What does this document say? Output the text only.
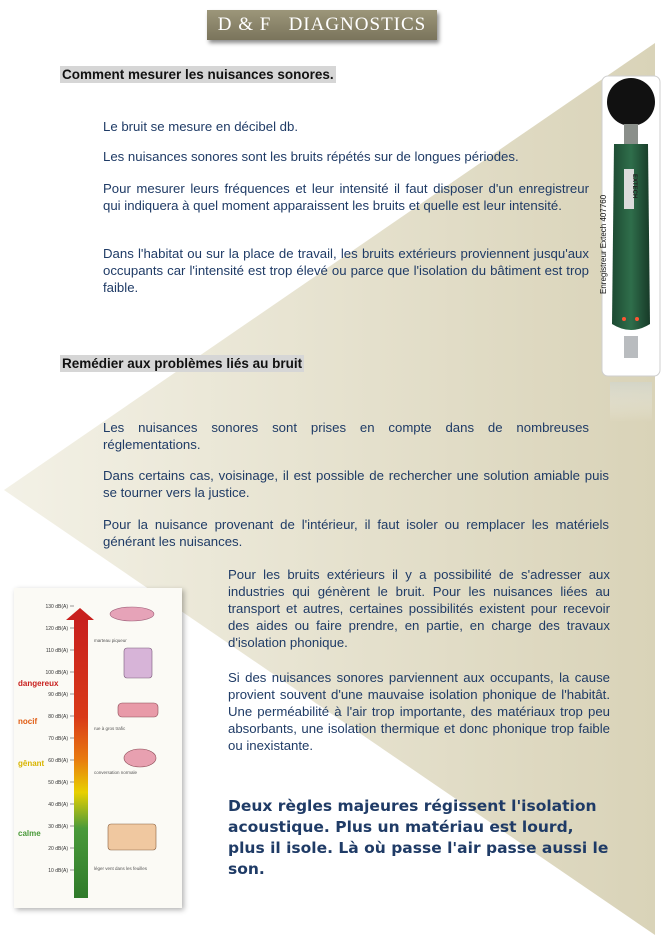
D & F   DIAGNOSTICS
Comment mesurer les nuisances sonores.

Le bruit se mesure en décibel db.

Les nuisances sonores sont les bruits répétés sur de longues périodes.

Pour mesurer leurs fréquences et leur intensité il faut disposer d'un enregistreur qui indiquera à quel moment apparaissent les bruits et quelle est leur intensité.

Dans l'habitat ou sur la place de travail, les bruits extérieurs proviennent jusqu'aux occupants car l'intensité est trop élevé ou parce que l'isolation du bâtiment est trop faible.

Remédier aux problèmes liés au bruit

Les nuisances sonores sont prises en compte dans de nombreuses réglementations.

Dans certains cas, voisinage, il est possible de rechercher une solution amiable puis se tourner vers la justice.

Pour la nuisance provenant de l'intérieur, il faut isoler ou remplacer les matériels générant les nuisances.

Pour les bruits extérieurs il y a possibilité de s'adresser aux industries qui génèrent le bruit. Pour les nuisances liées au transport et autres, certaines possibilités existent pour recevoir des aides ou faire prendre, en partie, en charge des travaux d'isolation phonique.

Si des nuisances sonores parviennent aux occupants, la cause provient souvent d'une mauvaise isolation phonique de l'habitât. Une perméabilité à l'air trop importante, des matériaux trop peu absorbants, une isolation thermique et donc phonique trop faible ou inexistante.

Deux règles majeures régissent l'isolation acoustique. Plus un matériau est lourd, plus il isole. Là où passe l'air passe aussi le son.

EXTECH
Enregistreur Extech 407760
130 dB(A)
120 dB(A)
110 dB(A)
100 dB(A)
90 dB(A)
80 dB(A)
70 dB(A)
60 dB(A)
50 dB(A)
40 dB(A)
30 dB(A)
20 dB(A)
10 dB(A)
dangereux
nocif
gênant
calme
marteau piqueur
rue à gros trafic
conversation normale
léger vent dans les feuilles
